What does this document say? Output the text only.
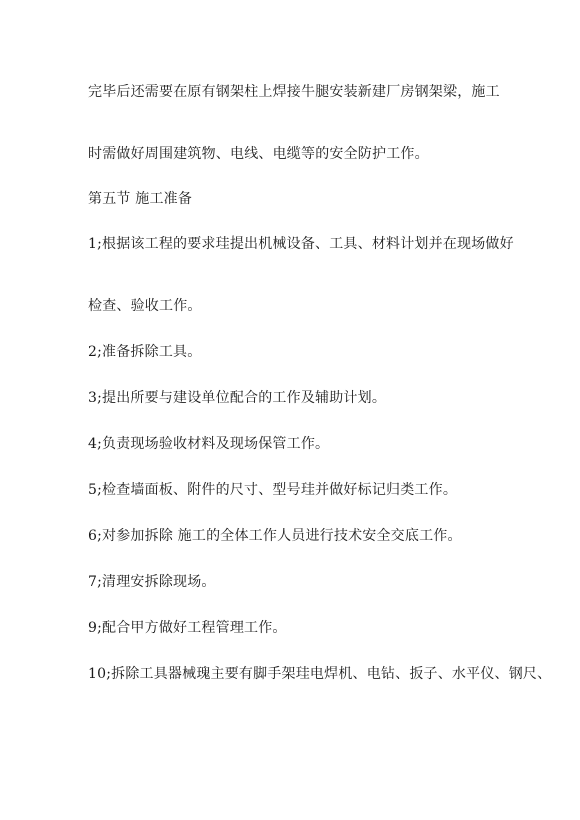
完毕后还需要在原有钢架柱上焊接牛腿安装新建厂房钢架梁，施工
时需做好周围建筑物、电线、电缆等的安全防护工作。
第五节 施工准备
1;根据该工程的要求珪提出机械设备、工具、材料计划并在现场做好
检查、验收工作。
2;准备拆除工具。
3;提出所要与建设单位配合的工作及辅助计划。
4;负责现场验收材料及现场保管工作。
5;检查墙面板、附件的尺寸、型号珪并做好标记归类工作。
6;对参加拆除 施工的全体工作人员进行技术安全交底工作。
7;清理安拆除现场。
9;配合甲方做好工程管理工作。
10;拆除工具器械瑰主要有脚手架珪电焊机、电钻、扳子、水平仪、钢尺、
